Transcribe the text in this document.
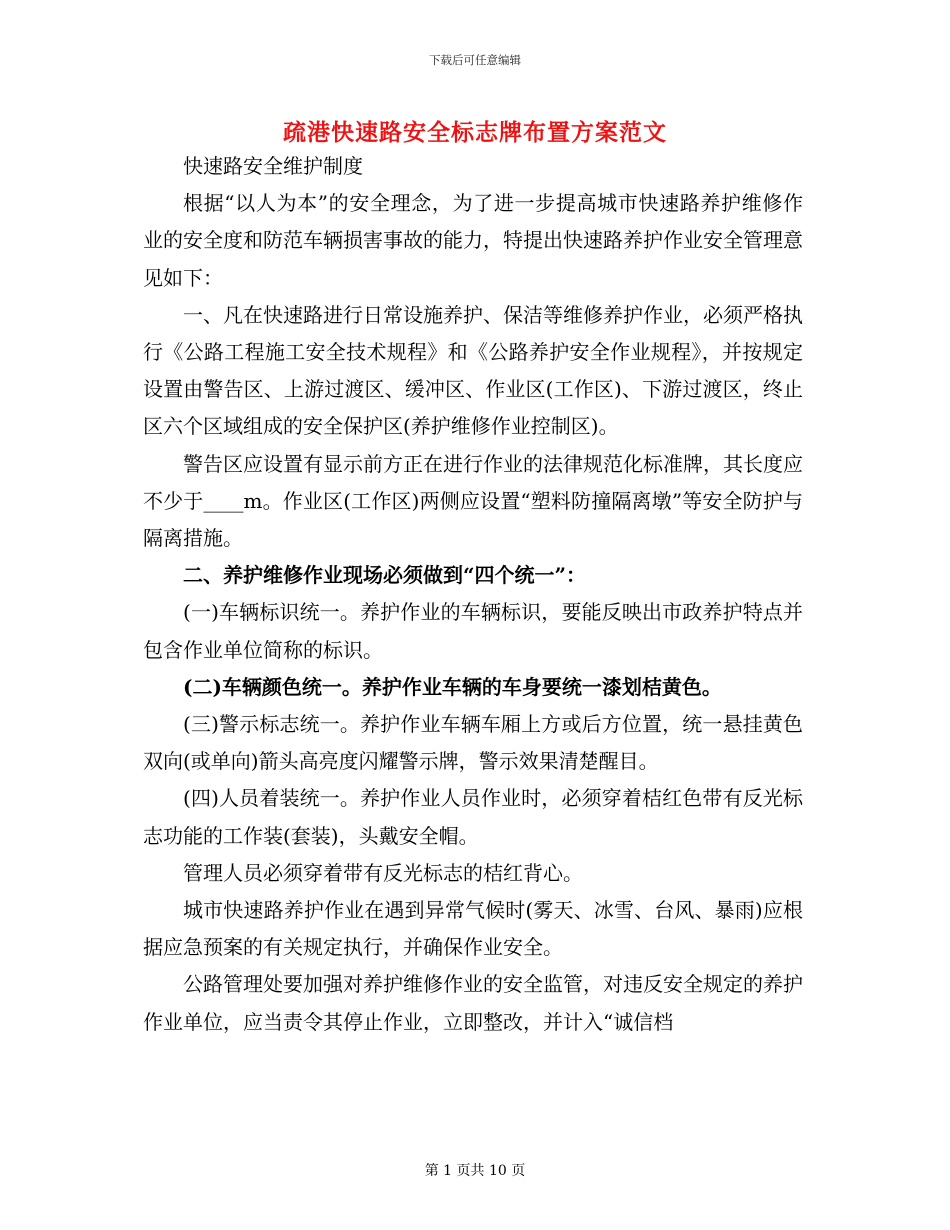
下载后可任意编辑
疏港快速路安全标志牌布置方案范文

快速路安全维护制度

根据“以人为本”的安全理念，为了进一步提高城市快速路养护维修作业的安全度和防范车辆损害事故的能力，特提出快速路养护作业安全管理意见如下：

一、凡在快速路进行日常设施养护、保洁等维修养护作业，必须严格执行《公路工程施工安全技术规程》和《公路养护安全作业规程》，并按规定设置由警告区、上游过渡区、缓冲区、作业区(工作区)、下游过渡区，终止区六个区域组成的安全保护区(养护维修作业控制区)。

警告区应设置有显示前方正在进行作业的法律规范化标准牌，其长度应不少于____m。作业区(工作区)两侧应设置“塑料防撞隔离墩”等安全防护与隔离措施。

二、养护维修作业现场必须做到“四个统一”：

(一)车辆标识统一。养护作业的车辆标识，要能反映出市政养护特点并包含作业单位简称的标识。

(二)车辆颜色统一。养护作业车辆的车身要统一漆划桔黄色。

(三)警示标志统一。养护作业车辆车厢上方或后方位置，统一悬挂黄色双向(或单向)箭头高亮度闪耀警示牌，警示效果清楚醒目。

(四)人员着装统一。养护作业人员作业时，必须穿着桔红色带有反光标志功能的工作装(套装)，头戴安全帽。

管理人员必须穿着带有反光标志的桔红背心。

城市快速路养护作业在遇到异常气候时(雾天、冰雪、台风、暴雨)应根据应急预案的有关规定执行，并确保作业安全。

公路管理处要加强对养护维修作业的安全监管，对违反安全规定的养护作业单位，应当责令其停止作业，立即整改，并计入“诚信档

第 1 页共 10 页
